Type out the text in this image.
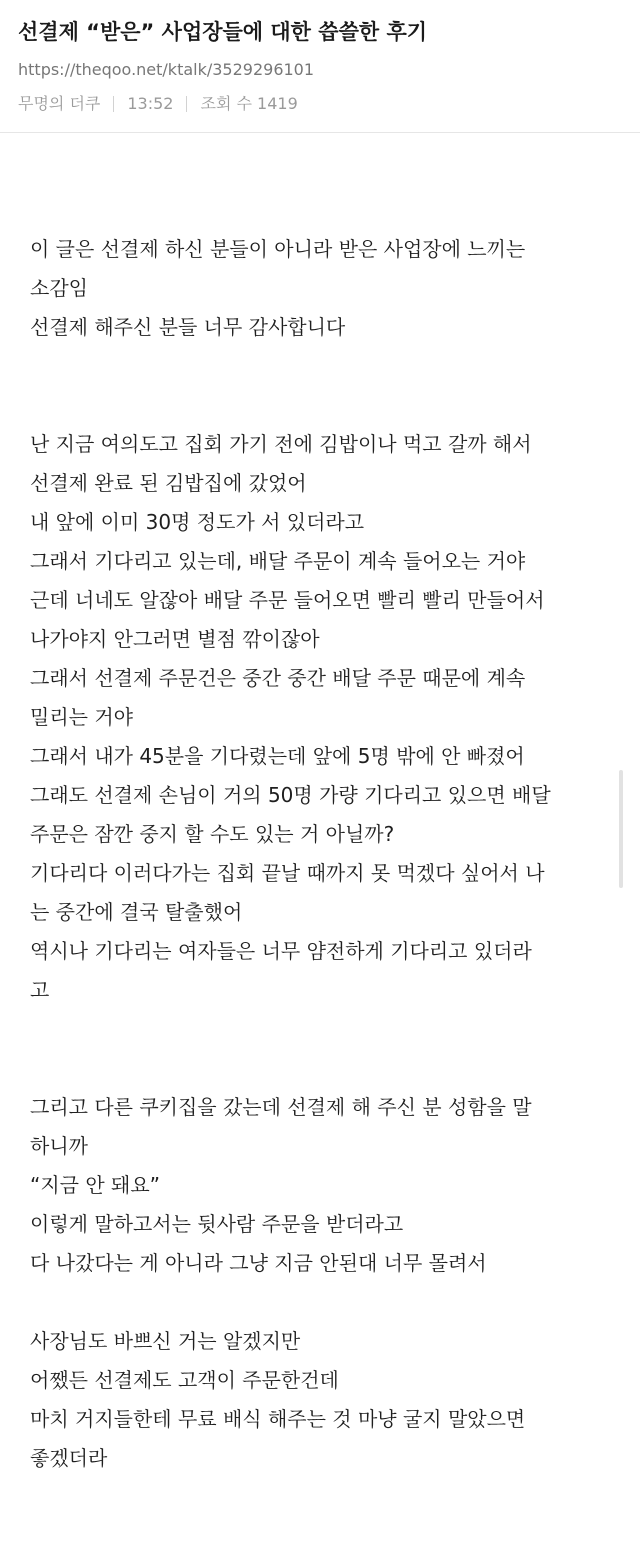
선결제 “받은” 사업장들에 대한 씁쓸한 후기
https://theqoo.net/ktalk/3529296101
무명의 더쿠 13:52 조회 수 1419
이 글은 선결제 하신 분들이 아니라 받은 사업장에 느끼는
소감임
선결제 해주신 분들 너무 감사합니다
난 지금 여의도고 집회 가기 전에 김밥이나 먹고 갈까 해서
선결제 완료 된 김밥집에 갔었어
내 앞에 이미 30명 정도가 서 있더라고
그래서 기다리고 있는데, 배달 주문이 계속 들어오는 거야
근데 너네도 알잖아 배달 주문 들어오면 빨리 빨리 만들어서
나가야지 안그러면 별점 깎이잖아
그래서 선결제 주문건은 중간 중간 배달 주문 때문에 계속
밀리는 거야
그래서 내가 45분을 기다렸는데 앞에 5명 밖에 안 빠졌어
그래도 선결제 손님이 거의 50명 가량 기다리고 있으면 배달
주문은 잠깐 중지 할 수도 있는 거 아닐까?
기다리다 이러다가는 집회 끝날 때까지 못 먹겠다 싶어서 나
는 중간에 결국 탈출했어
역시나 기다리는 여자들은 너무 얌전하게 기다리고 있더라
고
그리고 다른 쿠키집을 갔는데 선결제 해 주신 분 성함을 말
하니까
“지금 안 돼요”
이렇게 말하고서는 뒷사람 주문을 받더라고
다 나갔다는 게 아니라 그냥 지금 안된대 너무 몰려서
사장님도 바쁘신 거는 알겠지만
어쨌든 선결제도 고객이 주문한건데
마치 거지들한테 무료 배식 해주는 것 마냥 굴지 말았으면
좋겠더라
